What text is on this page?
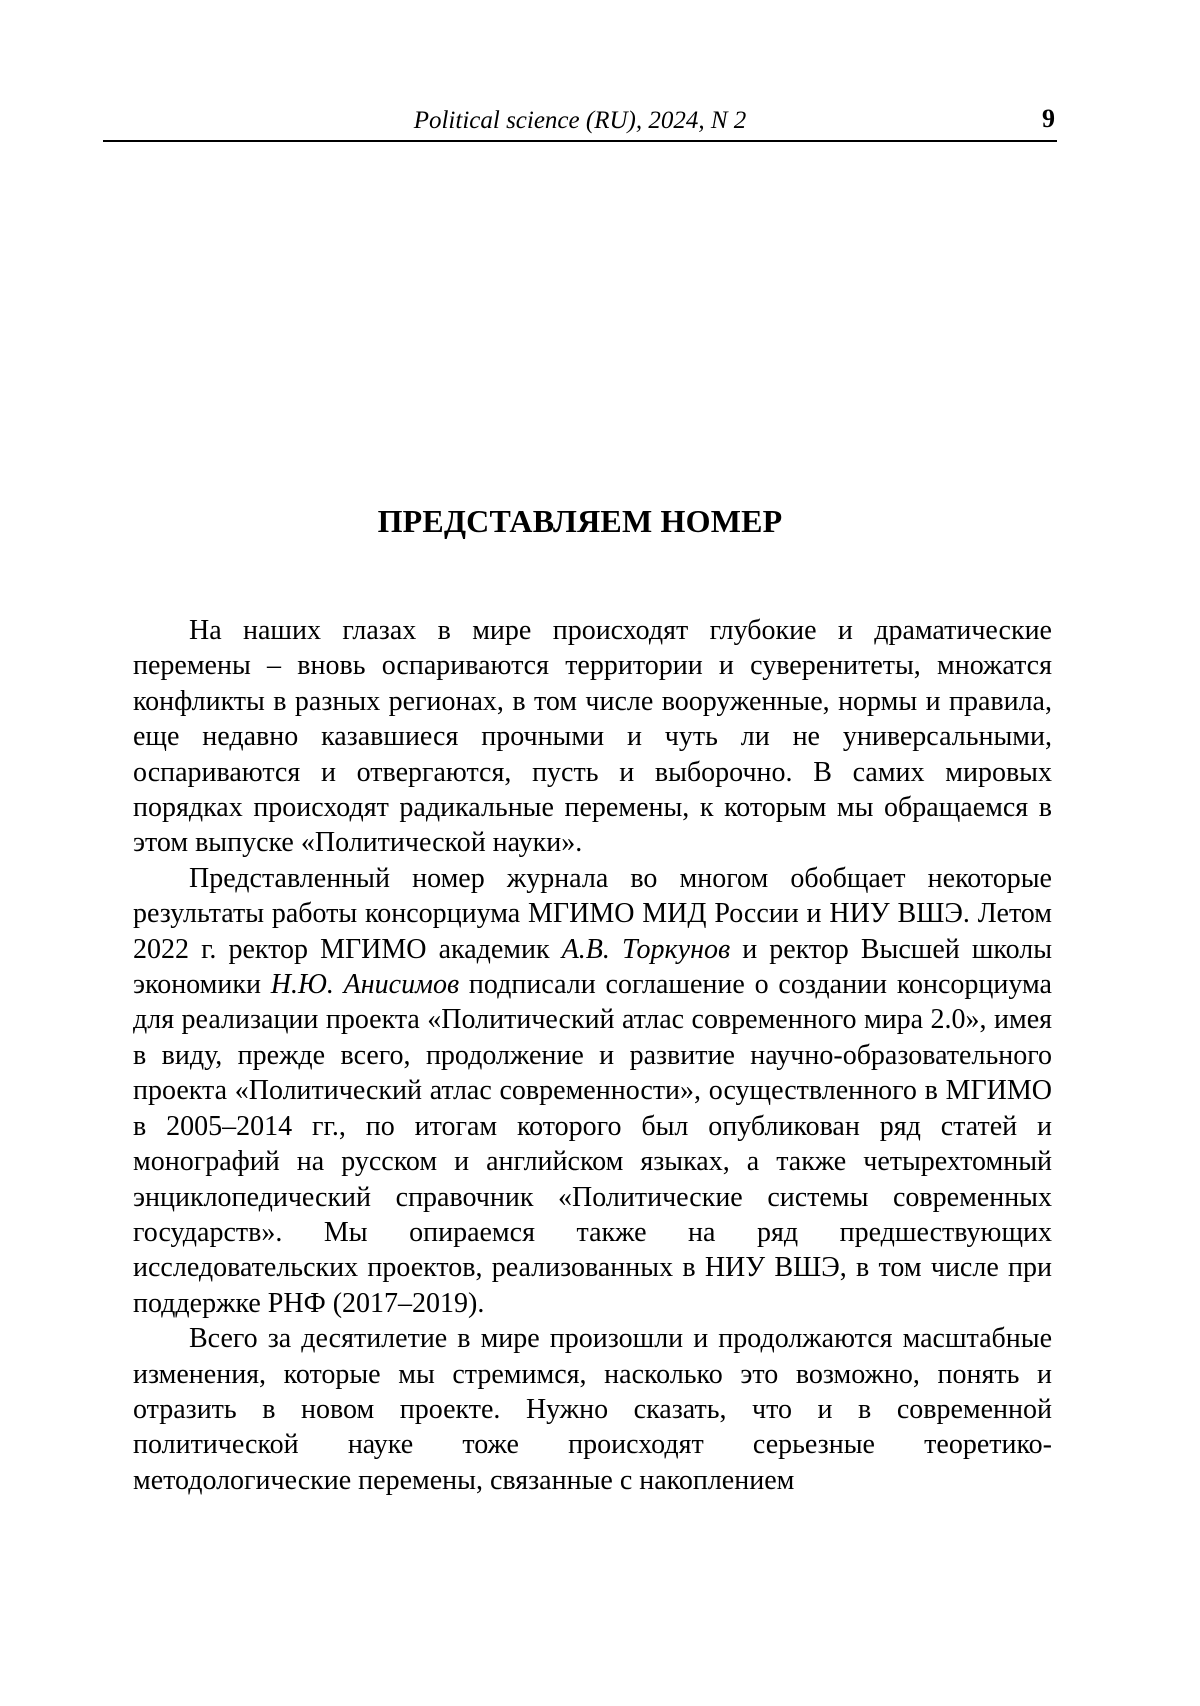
Political science (RU), 2024, N 2	9
ПРЕДСТАВЛЯЕМ НОМЕР

На наших глазах в мире происходят глубокие и драматические перемены – вновь оспариваются территории и суверенитеты, множатся конфликты в разных регионах, в том числе вооруженные, нормы и правила, еще недавно казавшиеся прочными и чуть ли не универсальными, оспариваются и отвергаются, пусть и выборочно. В самих мировых порядках происходят радикальные перемены, к которым мы обращаемся в этом выпуске «Политической науки».

Представленный номер журнала во многом обобщает некоторые результаты работы консорциума МГИМО МИД России и НИУ ВШЭ. Летом 2022 г. ректор МГИМО академик А.В. Торкунов и ректор Высшей школы экономики Н.Ю. Анисимов подписали соглашение о создании консорциума для реализации проекта «Политический атлас современного мира 2.0», имея в виду, прежде всего, продолжение и развитие научно-образовательного проекта «Политический атлас современности», осуществленного в МГИМО в 2005–2014 гг., по итогам которого был опубликован ряд статей и монографий на русском и английском языках, а также четырехтомный энциклопедический справочник «Политические системы современных государств». Мы опираемся также на ряд предшествующих исследовательских проектов, реализованных в НИУ ВШЭ, в том числе при поддержке РНФ (2017–2019).

Всего за десятилетие в мире произошли и продолжаются масштабные изменения, которые мы стремимся, насколько это возможно, понять и отразить в новом проекте. Нужно сказать, что и в современной политической науке тоже происходят серьезные теоретико-методологические перемены, связанные с накоплением
